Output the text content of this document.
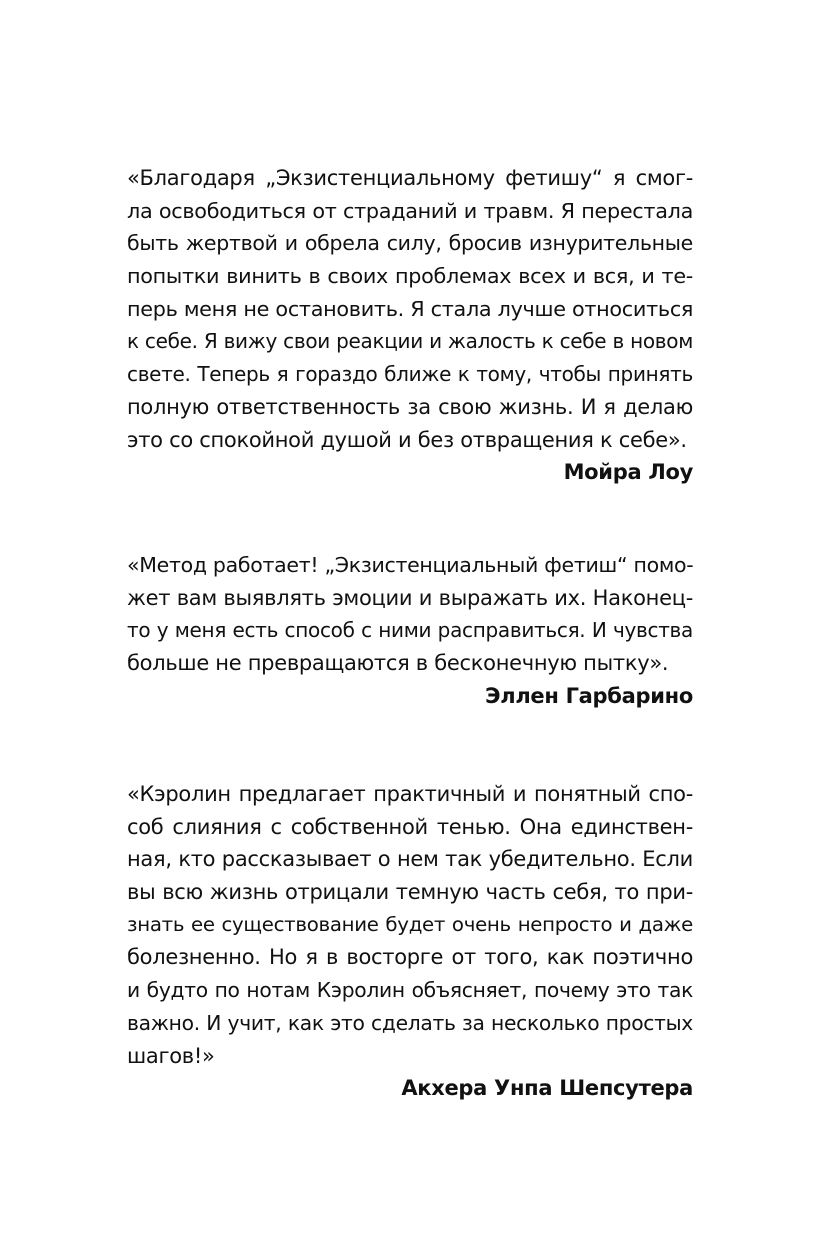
«Благодаря „Экзистенциальному фетишу“ я смог-
ла освободиться от страданий и травм. Я перестала
быть жертвой и обрела силу, бросив изнурительные
попытки винить в своих проблемах всех и вся, и те-
перь меня не остановить. Я стала лучше относиться
к себе. Я вижу свои реакции и жалость к себе в новом
свете. Теперь я гораздо ближе к тому, чтобы принять
полную ответственность за свою жизнь. И я делаю
это со спокойной душой и без отвращения к себе».
Мойра Лоу
«Метод работает! „Экзистенциальный фетиш“ помо-
жет вам выявлять эмоции и выражать их. Наконец-
то у меня есть способ с ними расправиться. И чувства
больше не превращаются в бесконечную пытку».
Эллен Гарбарино
«Кэролин предлагает практичный и понятный спо-
соб слияния с собственной тенью. Она единствен-
ная, кто рассказывает о нем так убедительно. Если
вы всю жизнь отрицали темную часть себя, то при-
знать ее существование будет очень непросто и даже
болезненно. Но я в восторге от того, как поэтично
и будто по нотам Кэролин объясняет, почему это так
важно. И учит, как это сделать за несколько простых
шагов!»
Акхера Унпа Шепсутера
